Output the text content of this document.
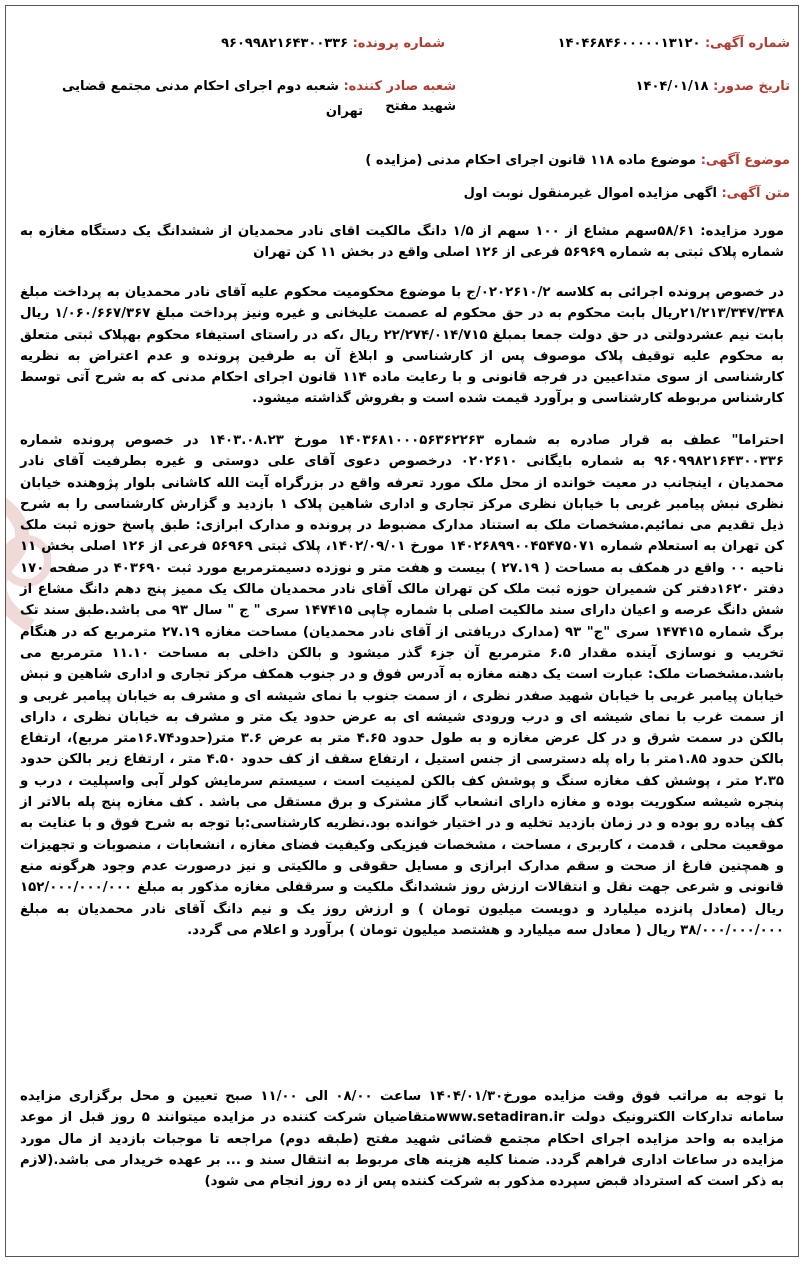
شماره آگهی: ۱۴۰۴۶۸۴۶۰۰۰۰۰۱۳۱۲۰
شماره پرونده: ۹۶۰۹۹۸۲۱۶۴۳۰۰۳۳۶
تاریخ صدور: ۱۴۰۴/۰۱/۱۸
شعبه صادر کننده: شعبه دوم اجرای احکام مدنی مجتمع قضایی شهید مفتح
تهران
موضوع آگهی: موضوع ماده ۱۱۸ قانون اجرای احکام مدنی (مزایده )
متن آگهی: اگهی مزایده اموال غیرمنقول نوبت اول

مورد مزایده: ۵۸/۶۱سهم مشاع از ۱۰۰ سهم از ۱/۵ دانگ مالکیت اقای نادر محمدیان از ششدانگ یک دستگاه مغازه به شماره پلاک ثبتی به شماره ۵۶۹۶۹ فرعی از ۱۲۶ اصلی واقع در بخش ۱۱ کن تهران

در خصوص پرونده اجرائی به کلاسه ۰۲۰۲۶۱۰/۲/ج با موضوع محکومیت محکوم علیه آقای نادر محمدیان به پرداخت مبلغ ۲۱/۲۱۳/۳۴۷/۳۴۸ریال بابت محکوم به در حق محکوم له عصمت علیخانی و غیره ونیز پرداخت مبلغ ۱/۰۶۰/۶۶۷/۳۶۷ ریال بابت نیم عشردولتی در حق دولت جمعا بمبلغ ۲۲/۲۷۴/۰۱۴/۷۱۵ ریال ،که در راستای استیفاء محکوم بهپلاک ثبتی متعلق به محکوم علیه توقیف پلاک موصوف پس از کارشناسی و ابلاغ آن به طرفین پرونده و عدم اعتراض به نظریه کارشناسی از سوی متداعیین در فرجه قانونی و با رعایت ماده ۱۱۴ قانون اجرای احکام مدنی که به شرح آتی توسط کارشناس مربوطه کارشناسی و برآورد قیمت شده است و بفروش گذاشته میشود.

احتراما" عطف به قرار صادره به شماره ۱۴۰۳۶۸۱۰۰۰۵۶۳۶۲۲۶۳ مورخ ۱۴۰۳.۰۸.۲۳ در خصوص پرونده شماره ۹۶۰۹۹۸۲۱۶۴۳۰۰۳۳۶ به شماره بایگانی ۰۲۰۲۶۱۰ درخصوص دعوی آقای علی دوستی و غیره بطرفیت آقای نادر محمدیان ، اینجانب در معیت خوانده از محل ملک مورد تعرفه واقع در بزرگراه آیت الله کاشانی بلوار پژوهنده خیابان نظری نبش پیامبر غربی با خیابان نظری مرکز تجاری و اداری شاهین پلاک ۱ بازدید و گزارش کارشناسی را به شرح ذیل تقدیم می نمائیم.مشخصات ملک به استناد مدارک مضبوط در پرونده و مدارک ابرازی: طبق پاسخ حوزه ثبت ملک کن تهران به استعلام شماره ۱۴۰۲۶۸۹۹۰۰۴۵۴۷۵۰۷۱ مورخ ۱۴۰۲/۰۹/۰۱، پلاک ثبتی ۵۶۹۶۹ فرعی از ۱۲۶ اصلی بخش ۱۱ ناحیه ۰۰ واقع در همکف به مساحت ( ۲۷.۱۹ ) بیست و هفت متر و نوزده دسیمترمربع مورد ثبت ۴۰۳۶۹۰ در صفحه ۱۷۰ دفتر ۱۶۲۰دفتر کن شمیران حوزه ثبت ملک کن تهران مالک آقای نادر محمدیان مالک یک ممیز پنج دهم دانگ مشاع از شش دانگ عرصه و اعیان دارای سند مالکیت اصلی با شماره چاپی ۱۴۷۴۱۵ سری " ج " سال ۹۳ می باشد.طبق سند تک برگ شماره ۱۴۷۴۱۵ سری "ج" ۹۳ (مدارک دریافتی از آقای نادر محمدیان) مساحت مغازه ۲۷.۱۹ مترمربع که در هنگام تخریب و نوسازی آینده مقدار ۶.۵ مترمربع آن جزء گذر میشود و بالکن داخلی به مساحت ۱۱.۱۰ مترمربع می باشد.مشخصات ملک: عبارت است یک دهنه مغازه به آدرس فوق و در جنوب همکف مرکز تجاری و اداری شاهین و نبش خیابان پیامبر غربی با خیابان شهید صفدر نظری ، از سمت جنوب با نمای شیشه ای و مشرف به خیابان پیامبر غربی و از سمت غرب با نمای شیشه ای و درب ورودی شیشه ای به عرض حدود یک متر و مشرف به خیابان نظری ، دارای بالکن در سمت شرق و در کل عرض مغازه و به طول حدود ۴.۶۵ متر به عرض ۳.۶ متر(حدود۱۶.۷۴متر مربع)، ارتفاع بالکن حدود ۱.۸۵متر با راه پله دسترسی از جنس استیل ، ارتفاع سقف از کف حدود ۴.۵۰ متر ، ارتفاع زیر بالکن حدود ۲.۳۵ متر ، پوشش کف مغازه سنگ و پوشش کف بالکن لمینیت است ، سیستم سرمایش کولر آبی واسپلیت ، درب و پنجره شیشه سکوریت بوده و مغازه دارای انشعاب گاز مشترک و برق مستقل می باشد . کف مغازه پنج پله بالاتر از کف پیاده رو بوده و در زمان بازدید تخلیه و در اختیار خوانده بود.نظریه کارشناسی:با توجه به شرح فوق و با عنایت به موقعیت محلی ، قدمت ، کاربری ، مساحت ، مشخصات فیزیکی وکیفیت فضای مغازه ، انشعابات ، منصوبات و تجهیزات و همچنین فارغ از صحت و سقم مدارک ابرازی و مسایل حقوقی و مالکیتی و نیز درصورت عدم وجود هرگونه منع قانونی و شرعی جهت نقل و انتقالات ارزش روز ششدانگ ملکیت و سرقفلی مغازه مذکور به مبلغ ۱۵۲/۰۰۰/۰۰۰/۰۰۰ ریال (معادل پانزده میلیارد و دویست میلیون تومان ) و ارزش روز یک و نیم دانگ آقای نادر محمدیان به مبلغ ۳۸/۰۰۰/۰۰۰/۰۰۰ ریال ( معادل سه میلیارد و هشتصد میلیون تومان ) برآورد و اعلام می گردد.

با توجه به مراتب فوق وقت مزایده مورخ۱۴۰۴/۰۱/۳۰ ساعت ۰۸/۰۰ الی ۱۱/۰۰ صبح تعیین و محل برگزاری مزایده سامانه تدارکات الکترونیک دولت www.setadiran.irمتقاضیان شرکت کننده در مزایده میتوانند ۵ روز قبل از موعد مزایده به واحد مزایده اجرای احکام مجتمع قضائی شهید مفتح (طبقه دوم) مراجعه تا موجبات بازدید از مال مورد مزایده در ساعات اداری فراهم گردد. ضمنا کلیه هزینه های مربوط به انتقال سند و ... بر عهده خریدار می باشد.(لازم به ذکر است که استرداد قبض سپرده مذکور به شرکت کننده پس از ده روز انجام می شود)
